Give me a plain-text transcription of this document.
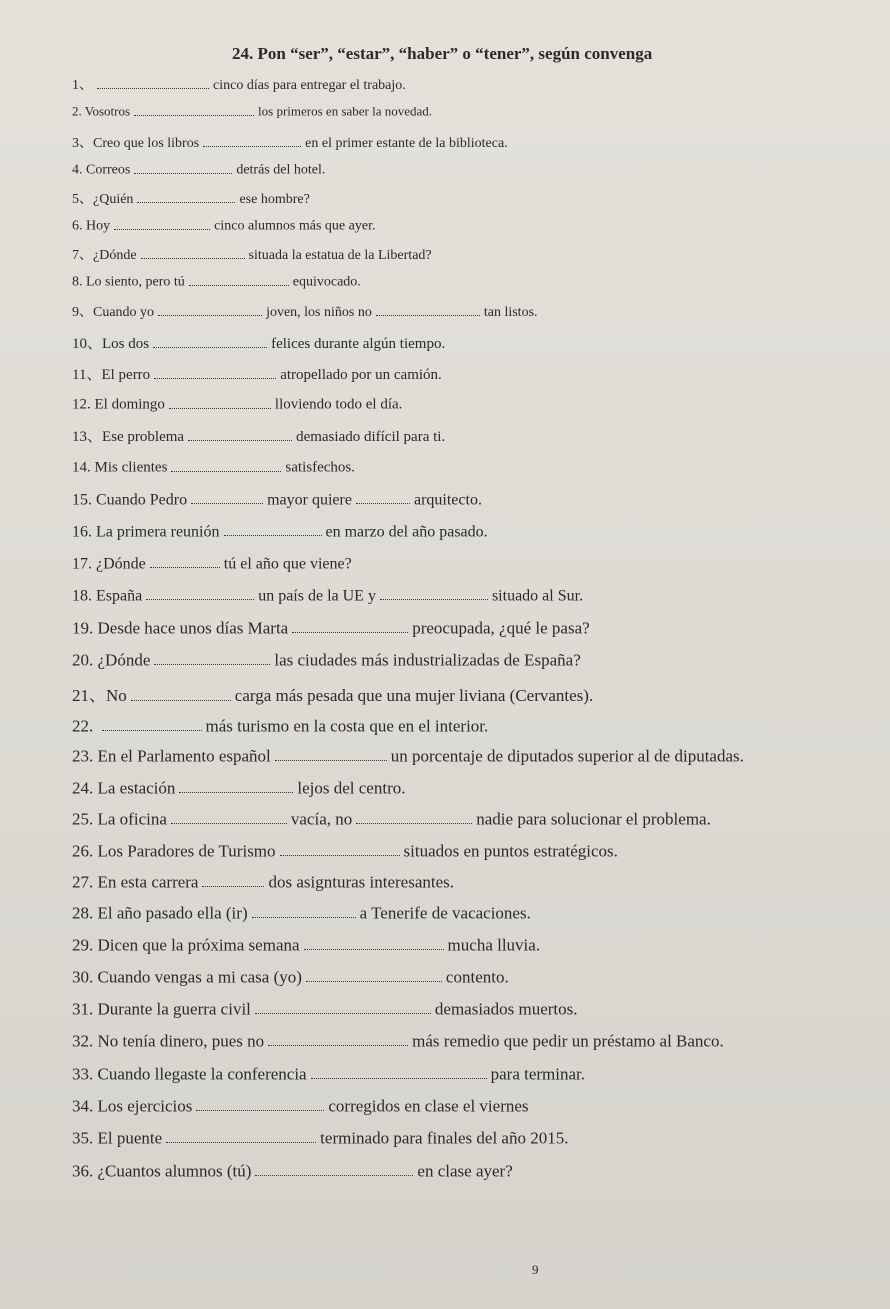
24. Pon “ser”, “estar”, “haber” o “tener”, según convenga
1、	cinco días para entregar el trabajo.
2. Vosotros	los primeros en saber la novedad.
3、Creo que los libros	en el primer estante de la biblioteca.
4. Correos	detrás del hotel.
5、¿Quién	ese hombre?
6. Hoy	cinco alumnos más que ayer.
7、¿Dónde	situada la estatua de la Libertad?
8. Lo siento, pero tú	equivocado.
9、Cuando yo	joven, los niños no	tan listos.
10、Los dos	felices durante algún tiempo.
11、El perro	atropellado por un camión.
12. El domingo	lloviendo todo el día.
13、Ese problema	demasiado difícil para ti.
14. Mis clientes	satisfechos.
15. Cuando Pedro	mayor quiere	arquitecto.
16. La primera reunión	en marzo del año pasado.
17. ¿Dónde	tú el año que viene?
18. España	un país de la UE y	situado al Sur.
19. Desde hace unos días Marta	preocupada, ¿qué le pasa?
20. ¿Dónde	las ciudades más industrializadas de España?
21、No	carga más pesada que una mujer liviana (Cervantes).
22.	más turismo en la costa que en el interior.
23. En el Parlamento español	un porcentaje de diputados superior al de diputadas.
24. La estación	lejos del centro.
25. La oficina	vacía, no	nadie para solucionar el problema.
26. Los Paradores de Turismo	situados en puntos estratégicos.
27. En esta carrera	dos asignturas interesantes.
28. El año pasado ella (ir)	a Tenerife de vacaciones.
29. Dicen que la próxima semana	mucha lluvia.
30. Cuando vengas a mi casa (yo)	contento.
31. Durante la guerra civil	demasiados muertos.
32. No tenía dinero, pues no	más remedio que pedir un préstamo al Banco.
33. Cuando llegaste la conferencia	para terminar.
34. Los ejercicios	corregidos en clase el viernes
35. El puente	terminado para finales del año 2015.
36. ¿Cuantos alumnos (tú)	en clase ayer?
9
